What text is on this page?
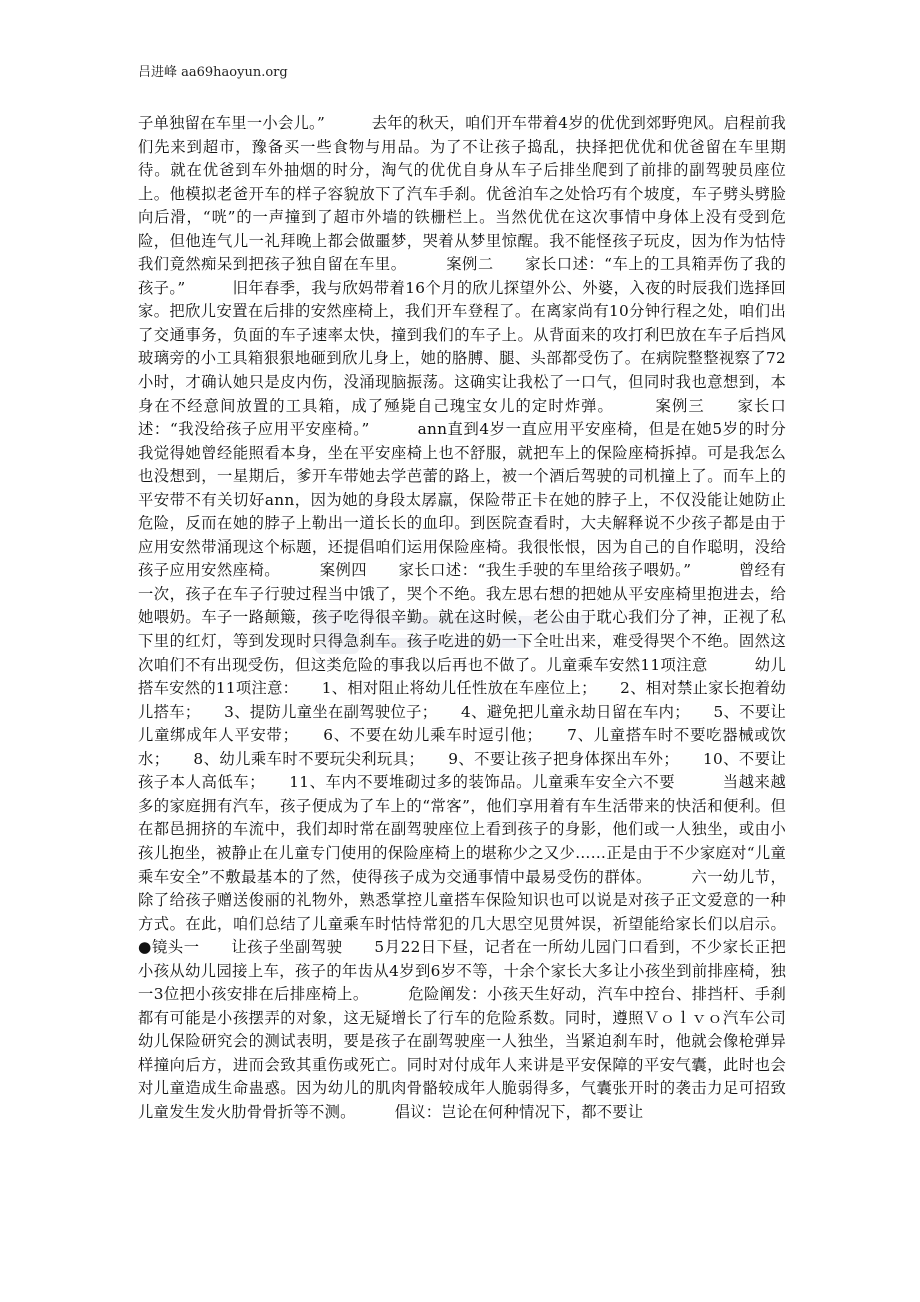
吕进峰 aa69haoyun.org
子单独留在车里一小会儿。”　　　去年的秋天，咱们开车带着4岁的优优到郊野兜风。启程前我们先来到超市，豫备买一些食物与用品。为了不让孩子捣乱，抉择把优优和优爸留在车里期待。就在优爸到车外抽烟的时分，淘气的优优自身从车子后排坐爬到了前排的副驾驶员座位上。他模拟老爸开车的样子容貌放下了汽车手刹。优爸泊车之处恰巧有个坡度，车子劈头劈脸向后滑，“咣”的一声撞到了超市外墙的铁栅栏上。当然优优在这次事情中身体上没有受到危险，但他连气儿一礼拜晚上都会做噩梦，哭着从梦里惊醒。我不能怪孩子玩皮，因为作为怙恃我们竟然痴呆到把孩子独自留在车里。　　　案例二　　家长口述：“车上的工具箱弄伤了我的孩子。”　　　旧年春季，我与欣妈带着16个月的欣儿探望外公、外婆，入夜的时辰我们选择回家。把欣儿安置在后排的安然座椅上，我们开车登程了。在离家尚有10分钟行程之处，咱们出了交通事务，负面的车子速率太快，撞到我们的车子上。从背面来的攻打利巴放在车子后挡风玻璃旁的小工具箱狠狠地砸到欣儿身上，她的胳膊、腿、头部都受伤了。在病院整整视察了72小时，才确认她只是皮内伤，没涌现脑振荡。这确实让我松了一口气，但同时我也意想到，本身在不经意间放置的工具箱，成了殛毙自己瑰宝女儿的定时炸弹。　　　案例三　　家长口述：“我没给孩子应用平安座椅。”　　　ann直到4岁一直应用平安座椅，但是在她5岁的时分我觉得她曾经能照看本身，坐在平安座椅上也不舒服，就把车上的保险座椅拆掉。可是我怎么也没想到，一星期后，爹开车带她去学芭蕾的路上，被一个酒后驾驶的司机撞上了。而车上的平安带不有关切好ann，因为她的身段太孱羸，保险带正卡在她的脖子上，不仅没能让她防止危险，反而在她的脖子上勒出一道长长的血印。到医院查看时，大夫解释说不少孩子都是由于应用安然带涌现这个标题，还提倡咱们运用保险座椅。我很怅恨，因为自己的自作聪明，没给孩子应用安然座椅。　　　案例四　　家长口述：“我生手驶的车里给孩子喂奶。”　　　曾经有一次，孩子在车子行驶过程当中饿了，哭个不绝。我左思右想的把她从平安座椅里抱进去，给她喂奶。车子一路颠簸，孩子吃得很辛勤。就在这时候，老公由于耽心我们分了神，正视了私下里的红灯，等到发现时只得急刹车。孩子吃进的奶一下全吐出来，难受得哭个不绝。固然这次咱们不有出现受伤，但这类危险的事我以后再也不做了。儿童乘车安然11项注意　　　幼儿搭车安然的11项注意：　　1、相对阻止将幼儿任性放在车座位上；　　2、相对禁止家长抱着幼儿搭车；　　3、提防儿童坐在副驾驶位子；　　4、避免把儿童永劫日留在车内；　　5、不要让儿童绑成年人平安带；　　6、不要在幼儿乘车时逗引他；　　7、儿童搭车时不要吃器械或饮水；　　8、幼儿乘车时不要玩尖利玩具；　　9、不要让孩子把身体探出车外；　　10、不要让孩子本人高低车；　　11、车内不要堆砌过多的装饰品。儿童乘车安全六不要　　　当越来越多的家庭拥有汽车，孩子便成为了车上的“常客”，他们享用着有车生活带来的快活和便利。但在都邑拥挤的车流中，我们却时常在副驾驶座位上看到孩子的身影，他们或一人独坐，或由小孩儿抱坐，被静止在儿童专门使用的保险座椅上的堪称少之又少……正是由于不少家庭对“儿童乘车安全”不敷最基本的了然，使得孩子成为交通事情中最易受伤的群体。　　　六一幼儿节，除了给孩子赠送俊丽的礼物外，熟悉掌控儿童搭车保险知识也可以说是对孩子正文爱意的一种方式。在此，咱们总结了儿童乘车时怙恃常犯的几大思空见贯舛误，祈望能给家长们以启示。●镜头一　　让孩子坐副驾驶　　5月22日下昼，记者在一所幼儿园门口看到，不少家长正把小孩从幼儿园接上车，孩子的年齿从4岁到6岁不等，十余个家长大多让小孩坐到前排座椅，独一3位把小孩安排在后排座椅上。　　　危险阐发：小孩天生好动，汽车中控台、排挡杆、手刹都有可能是小孩摆弄的对象，这无疑增长了行车的危险系数。同时，遵照Ｖｏｌｖｏ汽车公司幼儿保险研究会的测试表明，要是孩子在副驾驶座一人独坐，当紧迫刹车时，他就会像枪弹异样撞向后方，进而会致其重伤或死亡。同时对付成年人来讲是平安保障的平安气囊，此时也会对儿童造成生命蛊惑。因为幼儿的肌肉骨骼较成年人脆弱得多，气囊张开时的袭击力足可招致儿童发生发火肋骨骨折等不测。　　　倡议：岂论在何种情况下，都不要让
